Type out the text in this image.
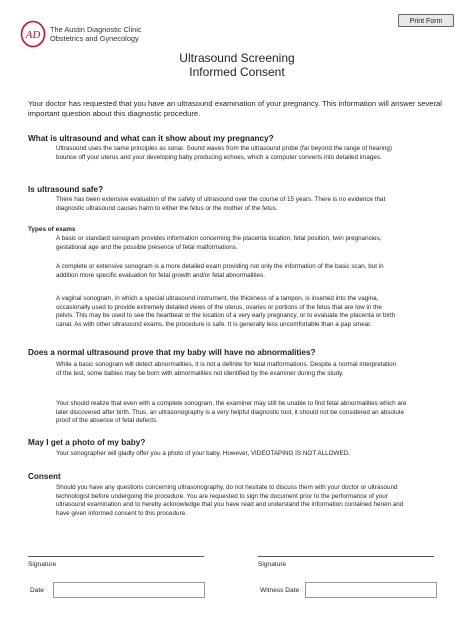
AD The Austin Diagnostic Clinic
Obstetrics and Gynecology
Print Form
Ultrasound Screening
Informed Consent
Your doctor has requested that you have an ultrasound examination of your pregnancy. This information will answer several important question about this diagnostic procedure.
What is ultrasound and what can it show about my pregnancy?
Ultrasound uses the same principles as sonar. Sound waves from the ultrasound probe (far beyond the range of hearing) bounce off your uterus and your developing baby producing echoes, which a computer converts into detailed images.
Is ultrasound safe?
There has been extensive evaluation of the safety of ultrasound over the course of 15 years. There is no evidence that diagnostic ultrasound causes harm to either the fetus or the mother of the fetus.
Types of exams
A basic or standard sonogram provides information concerning the placenta location, fetal position, twin pregnancies, gestational age and the possible presence of fetal malformations.
A complete or extensive sonogram is a more detailed exam providing not only the information of the basic scan, but in addition more specific evaluation for fetal growth and/or fetal abnormalities.
A vaginal sonogram, in which a special ultrasound instrument, the thickness of a tampon, is inserted into the vagina, occasionally used to provide extremely detailed views of the uterus, ovaries or portions of the fetus that are low in the pelvis. This may be used to see the heartbeat or the location of a very early pregnancy, or to evaluate the placenta or birth canal. As with other ultrasound exams, the procedure is safe. It is generally less uncomfortable than a pap smear.
Does a normal ultrasound prove that my baby will have no abnormalities?
While a basic sonogram will detect abnormalities, it is not a definite for fetal malformations. Despite a normal interpretation of the test, some babies may be born with abnormalities not identified by the examiner during the study.
Your should realize that even with a complete sonogram, the examiner may still be unable to find fetal abnormalities which are later discovered after birth. Thus, an ultrasonography is a very helpful diagnostic tool, it should not be considered an absolute proof of the absence of fetal defects.
May I get a photo of my baby?
Your sonographer will gladly offer you a photo of your baby. However, VIDEOTAPING IS NOT ALLOWED.
Consent
Should you have any questions concerning ultrasonography, do not hesitate to discuss them with your doctor or ultrasound technologist before undergoing the procedure. You are requested to sign the document prior to the performance of your ultrasound examination and to hereby acknowledge that you have read and understand the information contained herein and have given informed consent to this procedure.
Signature	Signature
Date	Witness Date
